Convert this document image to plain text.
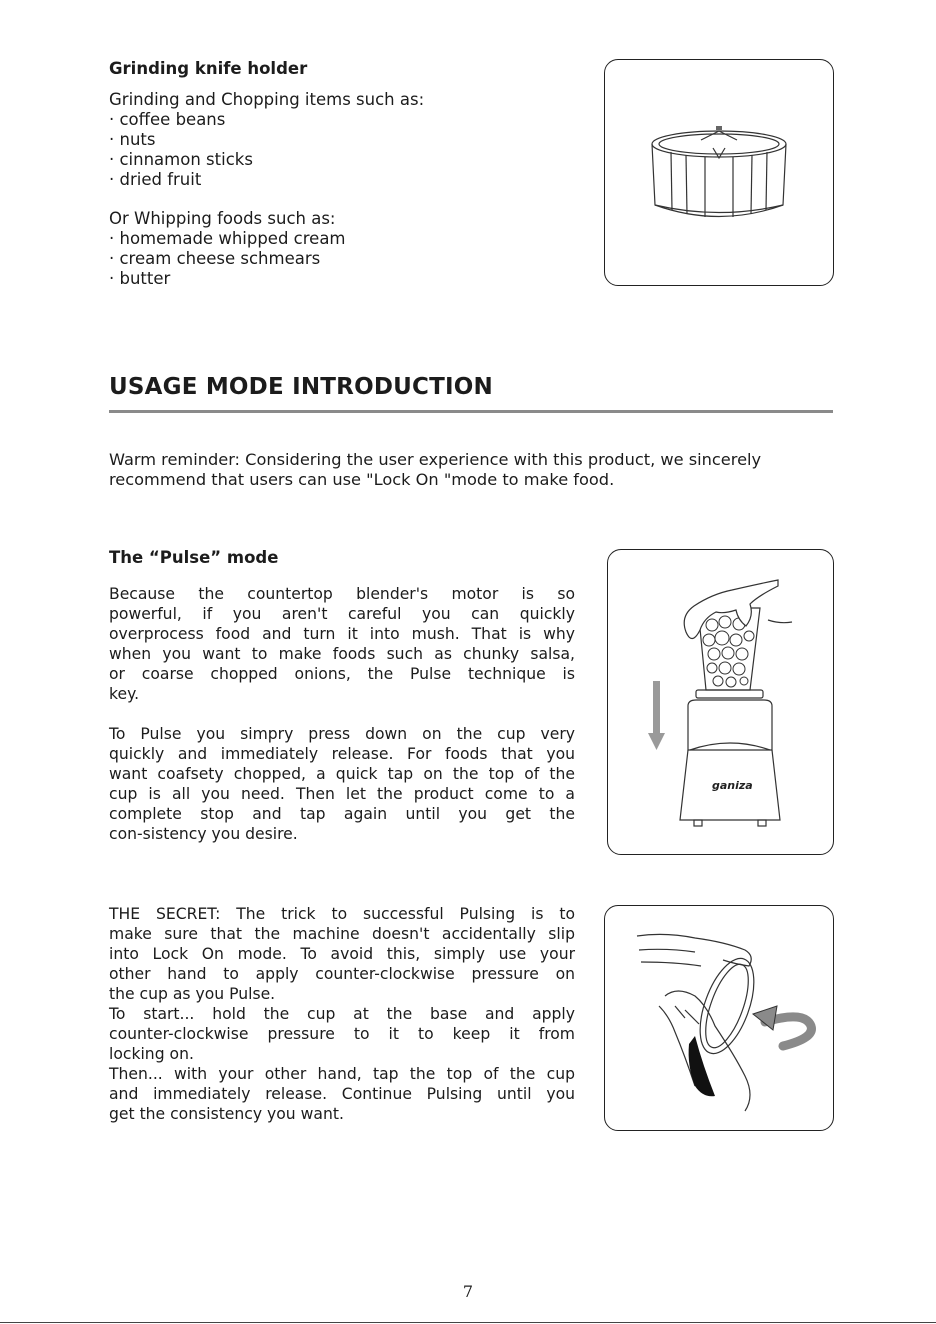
Grinding knife holder
Grinding and Chopping items such as:
· coffee beans
· nuts
· cinnamon sticks
· dried fruit
Or Whipping foods such as:
· homemade whipped cream
· cream cheese schmears
· butter
USAGE MODE INTRODUCTION
Warm reminder: Considering the user experience with this product, we sincerely
recommend that users can use "Lock On "mode to make food.
The “Pulse” mode
Because the countertop blender's motor is so
powerful, if you aren't careful you can quickly
overprocess food and turn it into mush. That is why
when you want to make foods such as chunky salsa,
or coarse chopped onions, the Pulse technique is
key.
To Pulse you simpry press down on the cup very
quickly and immediately release. For foods that you
want coafsety chopped, a quick tap on the top of the
cup is all you need. Then let the product come to a
complete stop and tap again until you get the
con-sistency you desire.
ganiza
THE SECRET: The trick to successful Pulsing is to
make sure that the machine doesn't accidentally slip
into Lock On mode. To avoid this, simply use your
other hand to apply counter-clockwise pressure on
the cup as you Pulse.
To start... hold the cup at the base and apply
counter-clockwise pressure to it to keep it from
locking on.
Then... with your other hand, tap the top of the cup
and immediately release. Continue Pulsing until you
get the consistency you want.
7
